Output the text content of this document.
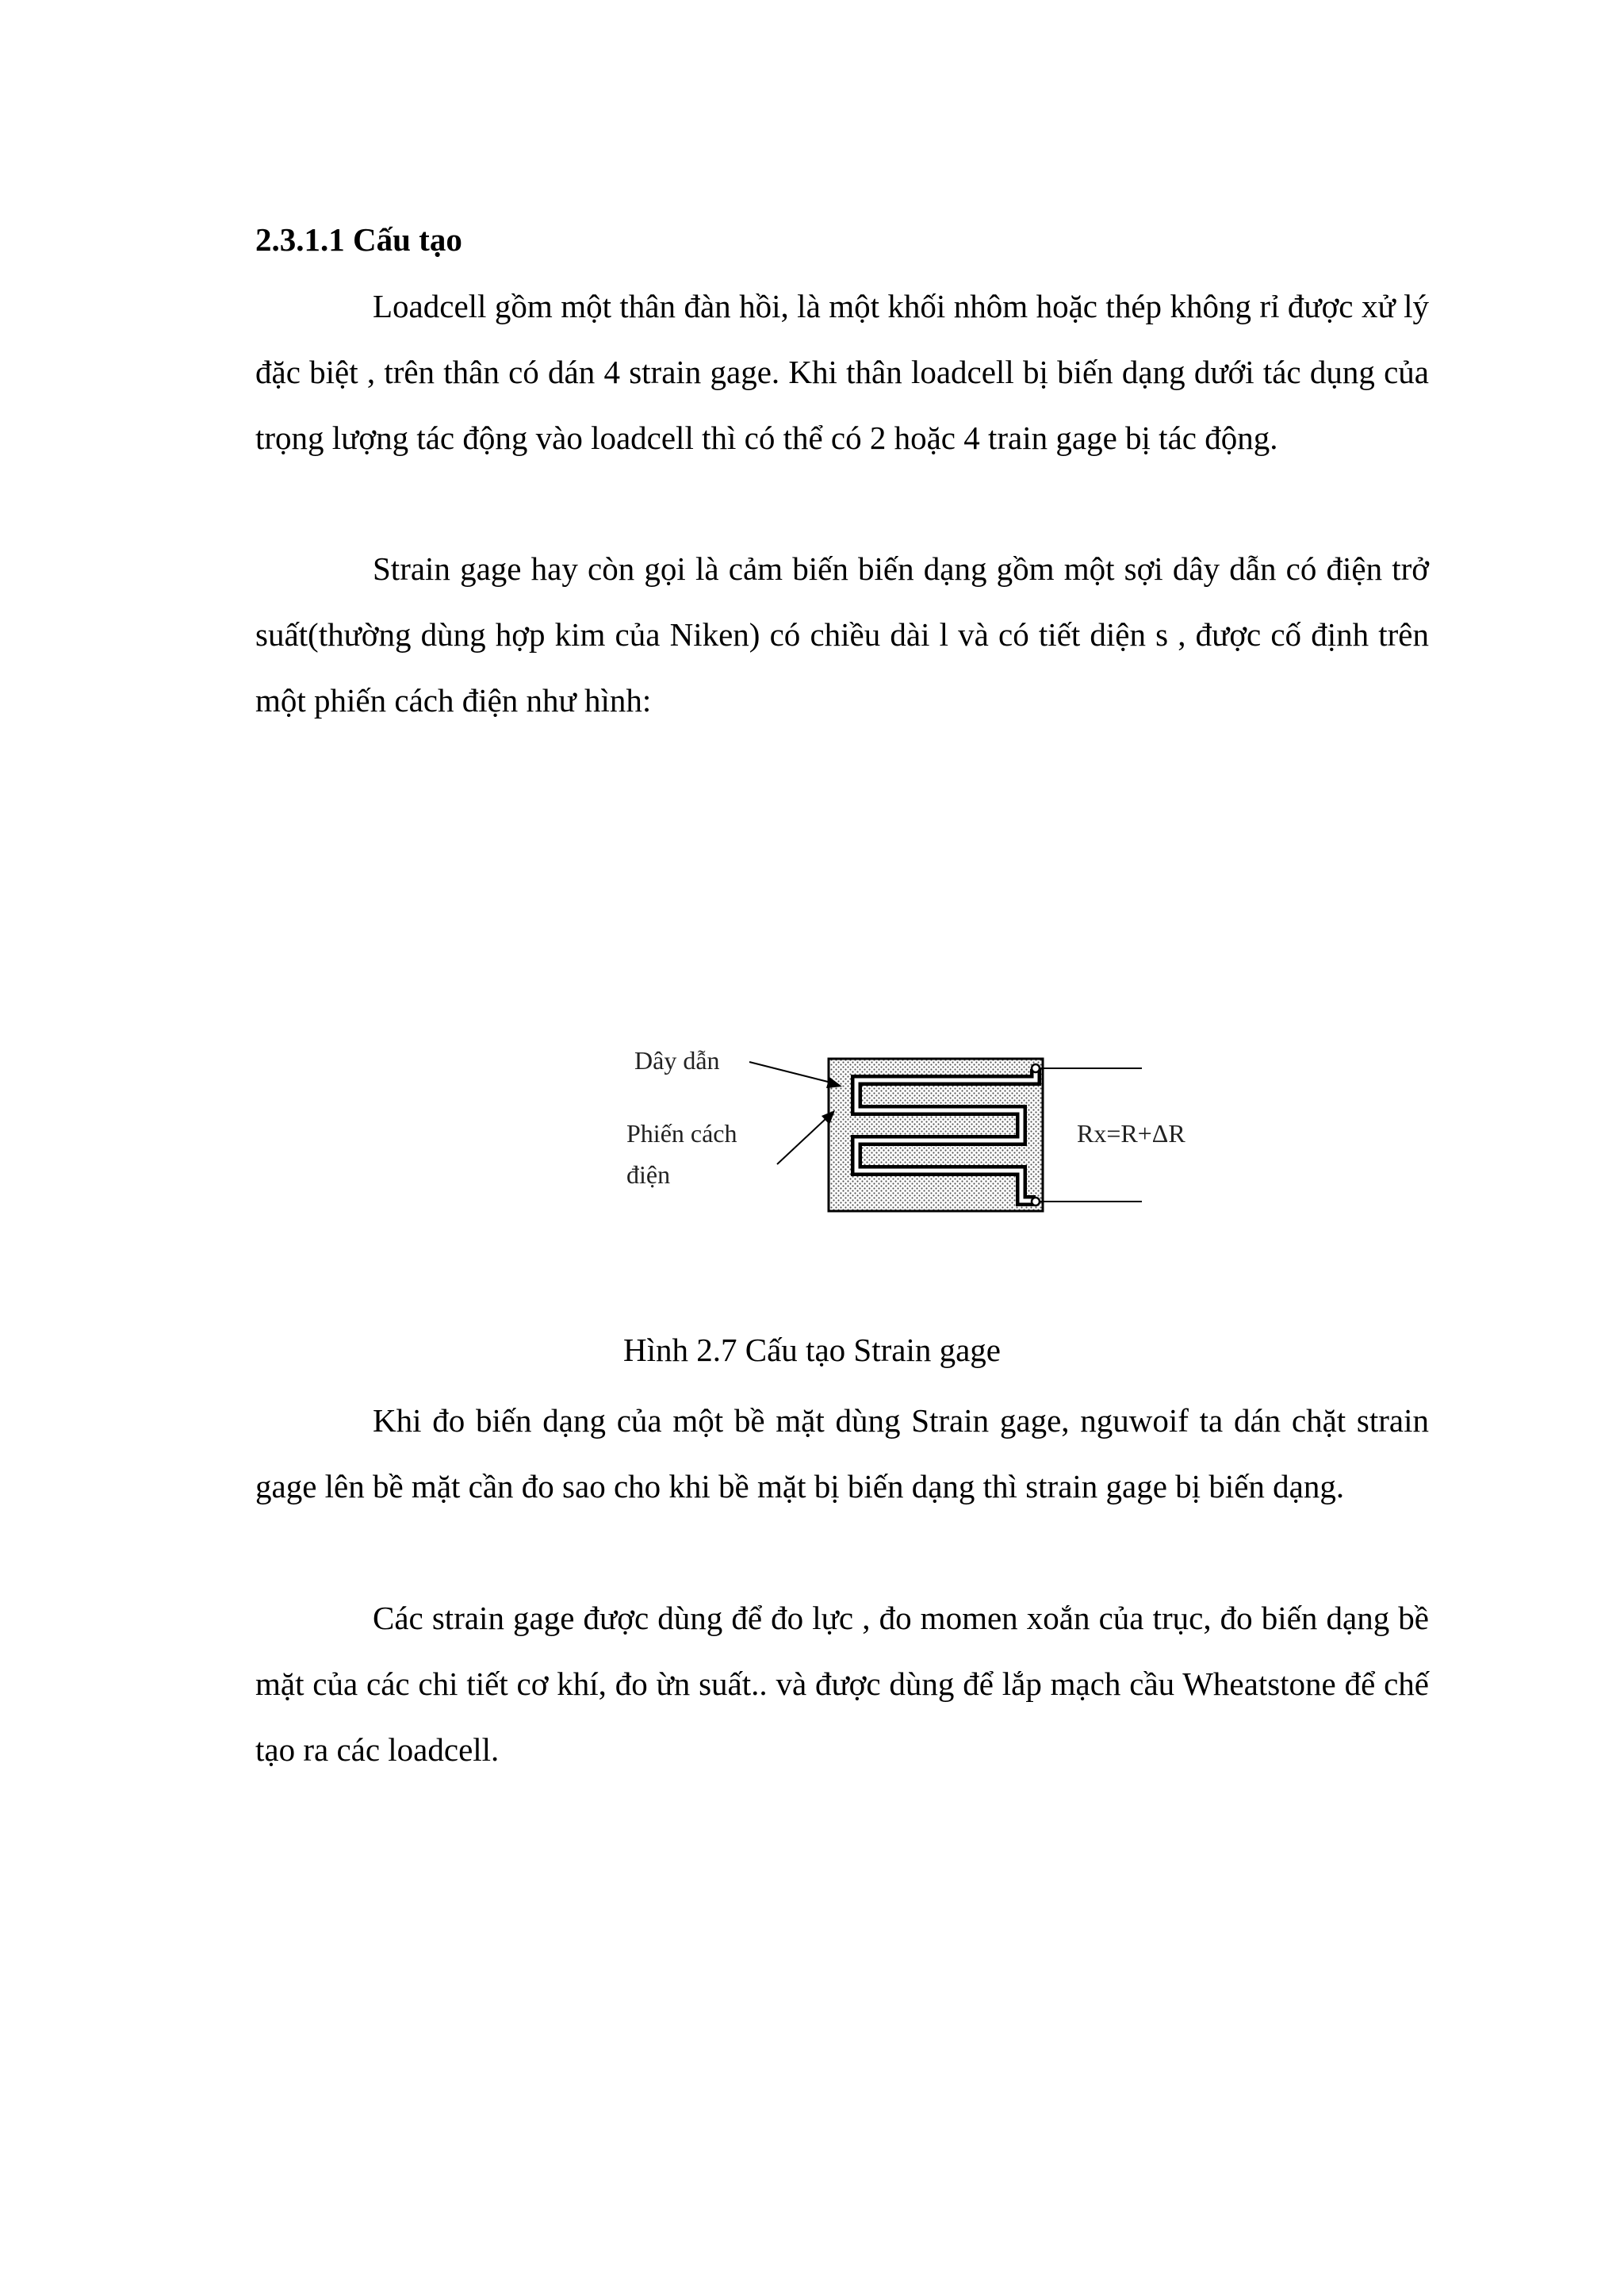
2.3.1.1 Cấu tạo

Loadcell gồm một thân đàn hồi, là một khối nhôm hoặc thép không rỉ được xử lý đặc biệt , trên thân có dán 4 strain gage. Khi thân loadcell bị biến dạng dưới tác dụng của trọng lượng tác động vào loadcell thì có thể có 2 hoặc 4 train gage bị tác động.

Strain gage hay còn gọi là cảm biến biến dạng gồm một sợi dây dẫn có điện trở suất(thường dùng hợp kim của Niken) có chiều dài l và có tiết diện s , được cố định trên một phiến cách điện như hình:

Dây dẫn
Phiến cách
điện
Rx=R+ΔR

Hình 2.7 Cấu tạo Strain gage

Khi đo biến dạng của một bề mặt dùng Strain gage, nguwoif ta dán chặt strain gage lên bề mặt cần đo sao cho khi bề mặt bị biến dạng thì strain gage bị biến dạng.

Các strain gage được dùng để đo lực , đo momen xoắn của trục, đo biến dạng bề mặt của các chi tiết cơ khí, đo ừn suất.. và được dùng để lắp mạch cầu Wheatstone để chế tạo ra các loadcell.
